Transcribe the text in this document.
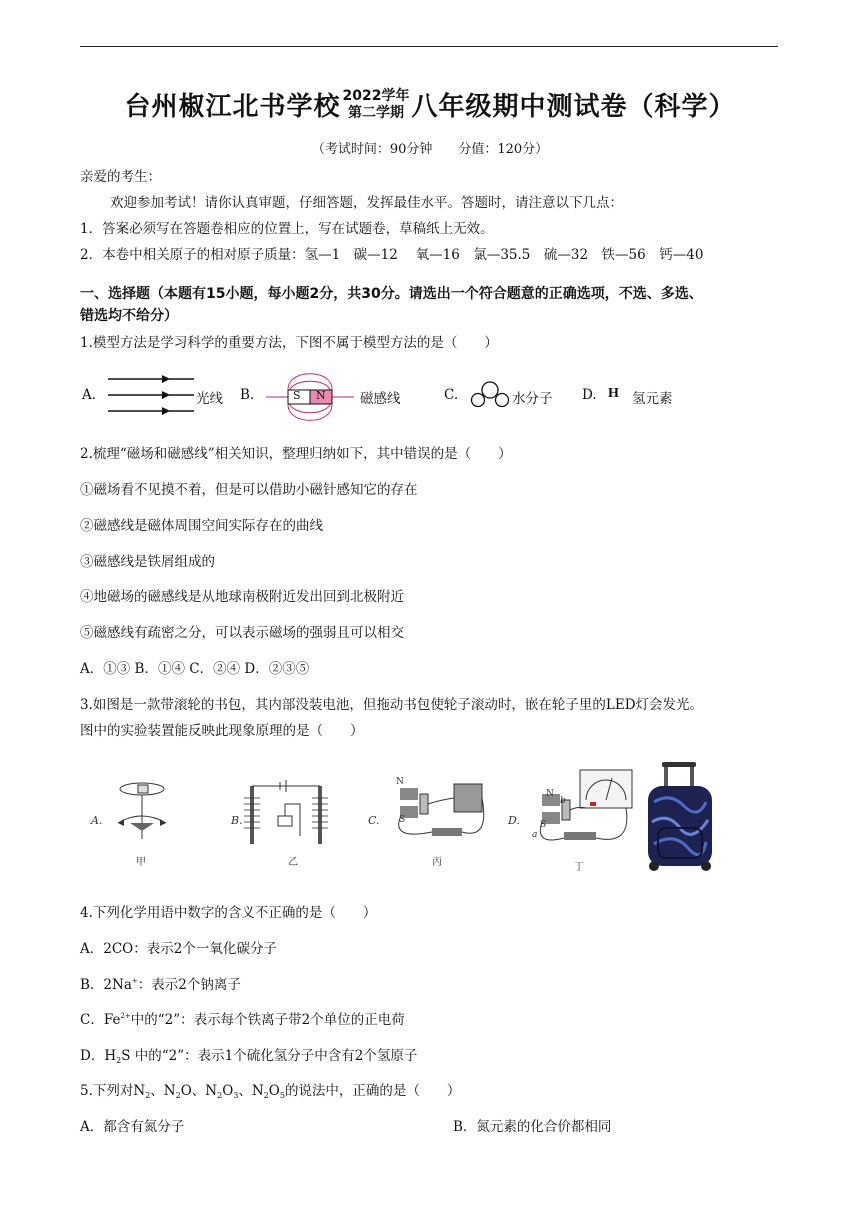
台州椒江北书学校 2022学年
第二学期 八年级期中测试卷（科学）
（考试时间：90分钟　　分值：120分）
亲爱的考生：
欢迎参加考试！请你认真审题，仔细答题，发挥最佳水平。答题时，请注意以下几点：
1．答案必须写在答题卷相应的位置上，写在试题卷，草稿纸上无效。
2．本卷中相关原子的相对原子质量：氢—1　碳—12　 氧—16　氯—35.5　硫—32　铁—56　钙—40
一、选择题（本题有15小题，每小题2分，共30分。请选出一个符合题意的正确选项，不选、多选、
错选均不给分）
1.模型方法是学习科学的重要方法，下图不属于模型方法的是（　　）
A.	光线 B.	S N	磁感线	C.	水分子 D. H 氢元素
2.梳理“磁场和磁感线”相关知识，整理归纳如下，其中错误的是（　　）
①磁场看不见摸不着，但是可以借助小磁针感知它的存在
②磁感线是磁体周围空间实际存在的曲线
③磁感线是铁屑组成的
④地磁场的磁感线是从地球南极附近发出回到北极附近
⑤磁感线有疏密之分，可以表示磁场的强弱且可以相交
A．①③ B．①④ C．②④ D．②③⑤
3.如图是一款带滚轮的书包，其内部没装电池，但拖动书包使轮子滚动时，嵌在轮子里的LED灯会发光。
图中的实验装置能反映此现象原理的是（　　）
A.
甲
B.
乙
C.
N
S
丙
D.
N
S
a
b
丁
4.下列化学用语中数字的含义不正确的是（　　）
A．2CO：表示2个一氧化碳分子
B．2Na+：表示2个钠离子
C．$Fe^{2+}$中的“2”：表示每个铁离子带2个单位的正电荷
D．$H_2S$ 中的“2”：表示1个硫化氢分子中含有2个氢原子
5.下列对$N_2$、$N_2O$、$N_2O_3$、$N_2O_5$的说法中，正确的是（　　）
A．都含有氮分子	B．氮元素的化合价都相同
